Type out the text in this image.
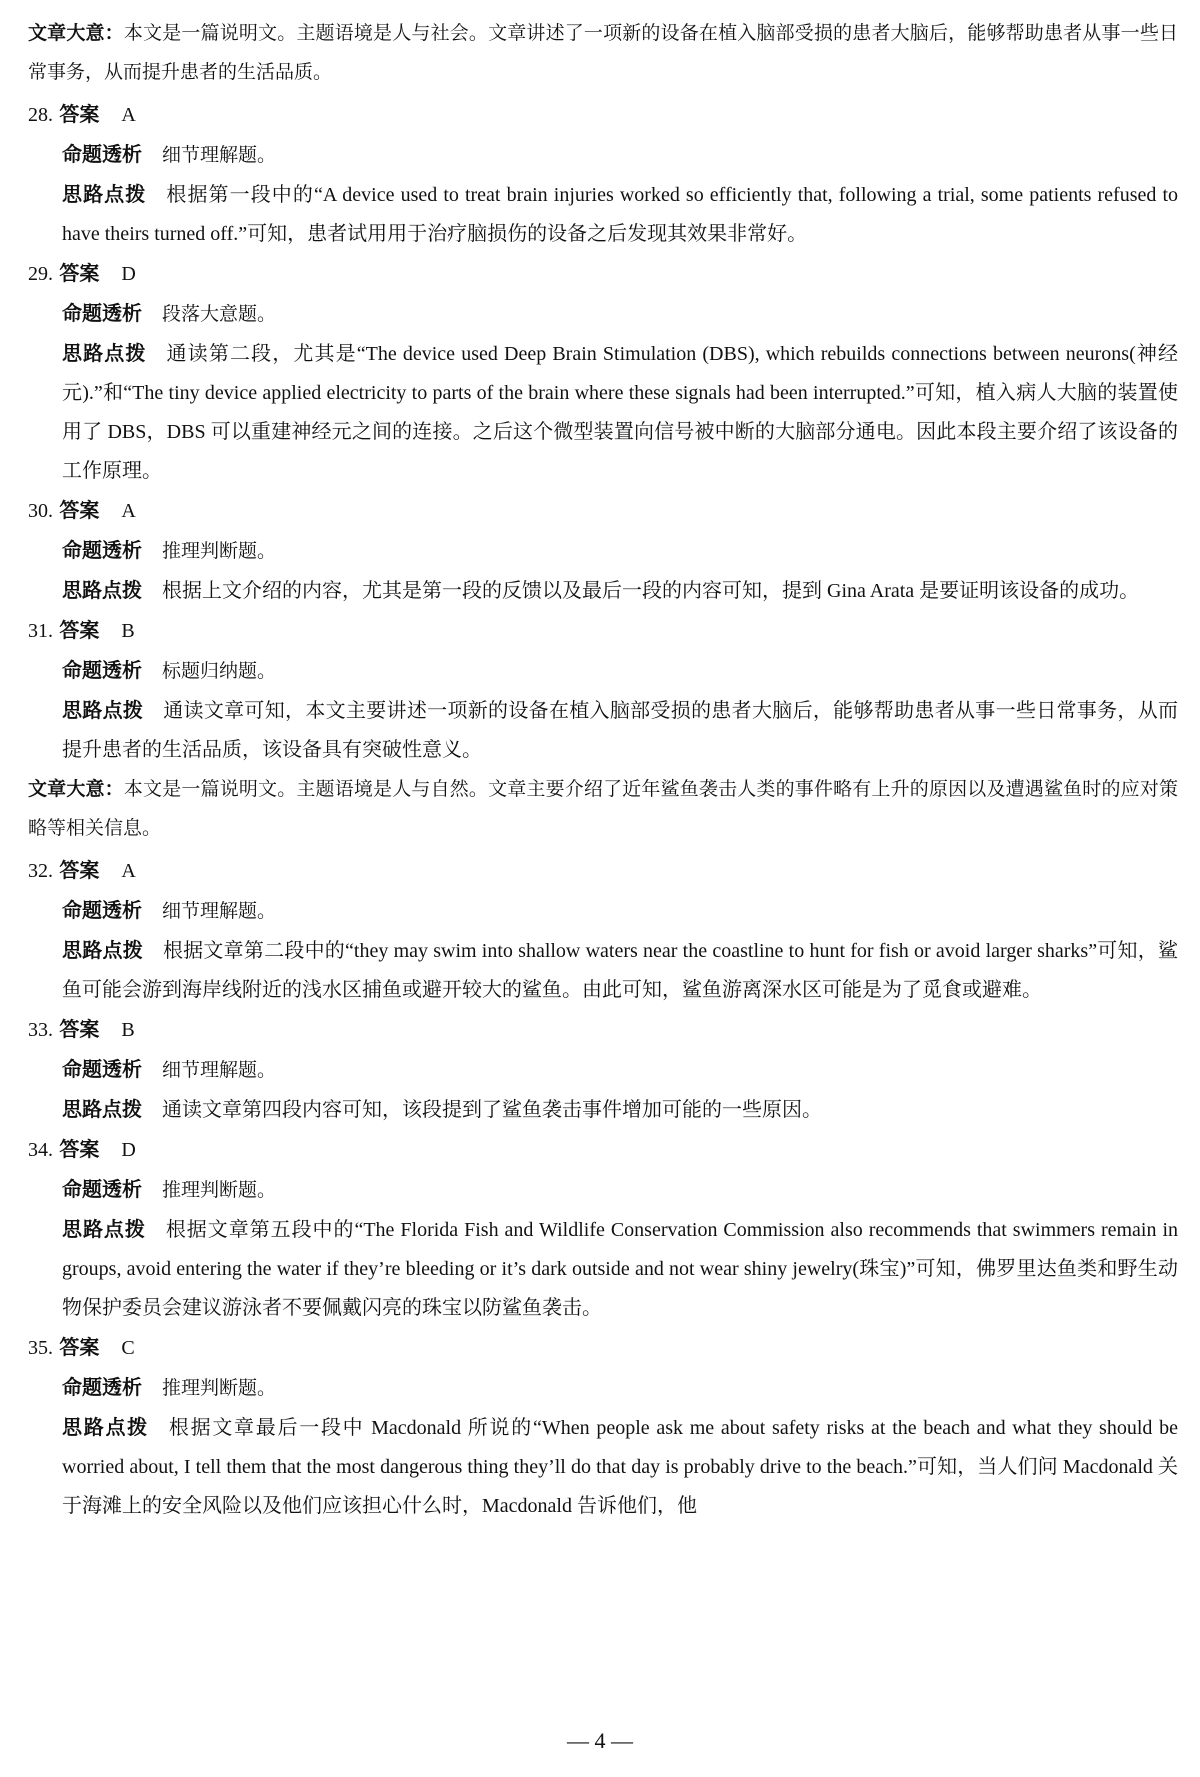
文章大意：本文是一篇说明文。主题语境是人与社会。文章讲述了一项新的设备在植入脑部受损的患者大脑后，能够帮助患者从事一些日常事务，从而提升患者的生活品质。

28. 答案 A

命题透析 细节理解题。

思路点拨 根据第一段中的“A device used to treat brain injuries worked so efficiently that, following a trial, some patients refused to have theirs turned off.”可知，患者试用用于治疗脑损伤的设备之后发现其效果非常好。

29. 答案 D

命题透析 段落大意题。

思路点拨 通读第二段，尤其是“The device used Deep Brain Stimulation (DBS), which rebuilds connections between neurons(神经元).”和“The tiny device applied electricity to parts of the brain where these signals had been interrupted.”可知，植入病人大脑的装置使用了 DBS，DBS 可以重建神经元之间的连接。之后这个微型装置向信号被中断的大脑部分通电。因此本段主要介绍了该设备的工作原理。

30. 答案 A

命题透析 推理判断题。

思路点拨 根据上文介绍的内容，尤其是第一段的反馈以及最后一段的内容可知，提到 Gina Arata 是要证明该设备的成功。

31. 答案 B

命题透析 标题归纳题。

思路点拨 通读文章可知，本文主要讲述一项新的设备在植入脑部受损的患者大脑后，能够帮助患者从事一些日常事务，从而提升患者的生活品质，该设备具有突破性意义。

文章大意：本文是一篇说明文。主题语境是人与自然。文章主要介绍了近年鲨鱼袭击人类的事件略有上升的原因以及遭遇鲨鱼时的应对策略等相关信息。

32. 答案 A

命题透析 细节理解题。

思路点拨 根据文章第二段中的“they may swim into shallow waters near the coastline to hunt for fish or avoid larger sharks”可知，鲨鱼可能会游到海岸线附近的浅水区捕鱼或避开较大的鲨鱼。由此可知，鲨鱼游离深水区可能是为了觅食或避难。

33. 答案 B

命题透析 细节理解题。

思路点拨 通读文章第四段内容可知，该段提到了鲨鱼袭击事件增加可能的一些原因。

34. 答案 D

命题透析 推理判断题。

思路点拨 根据文章第五段中的“The Florida Fish and Wildlife Conservation Commission also recommends that swimmers remain in groups, avoid entering the water if they’re bleeding or it’s dark outside and not wear shiny jewelry(珠宝)”可知，佛罗里达鱼类和野生动物保护委员会建议游泳者不要佩戴闪亮的珠宝以防鲨鱼袭击。

35. 答案 C

命题透析 推理判断题。

思路点拨 根据文章最后一段中 Macdonald 所说的“When people ask me about safety risks at the beach and what they should be worried about, I tell them that the most dangerous thing they’ll do that day is probably drive to the beach.”可知，当人们问 Macdonald 关于海滩上的安全风险以及他们应该担心什么时，Macdonald 告诉他们，他

— 4 —
